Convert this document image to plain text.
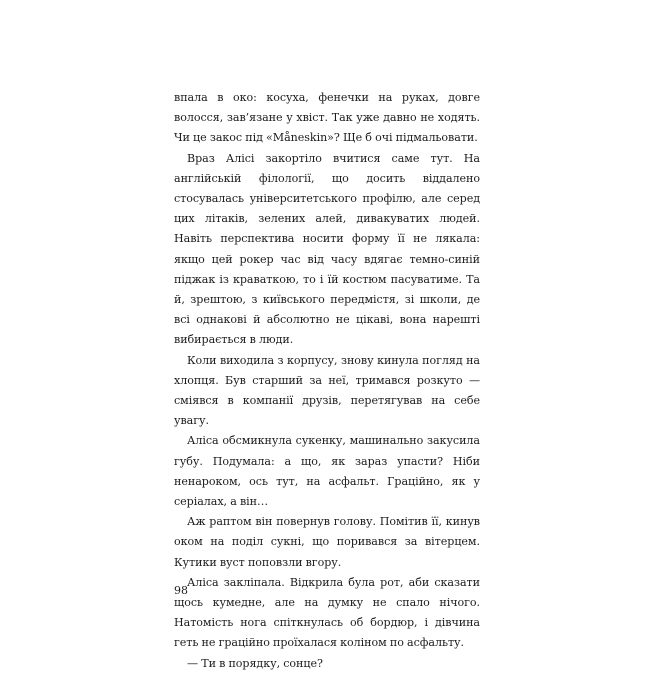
впала в око: косуха, фенечки на руках, довге волосся, зав’язане у хвіст. Так уже давно не ходять. Чи це закос під «Måneskin»? Ще б очі підмальовати.

Враз Алісі закортіло вчитися саме тут. На англійській філології, що досить віддалено стосувалась університетського профілю, але серед цих літаків, зелених алей, дивакуватих людей. Навіть перспектива носити форму її не лякала: якщо цей рокер час від часу вдягає темно-синій піджак із краваткою, то і їй костюм пасуватиме. Та й, зрештою, з київського передмістя, зі школи, де всі однакові й абсолютно не цікаві, вона нарешті вибирається в люди.

Коли виходила з корпусу, знову кинула погляд на хлопця. Був старший за неї, тримався розкуто — сміявся в компанії друзів, перетягував на себе увагу.

Аліса обсмикнула сукенку, машинально закусила губу. Подумала: а що, як зараз упасти? Ніби ненароком, ось тут, на асфальт. Граційно, як у серіалах, а він…

Аж раптом він повернув голову. Помітив її, кинув оком на поділ сукні, що поривався за вітерцем. Кутики вуст поповзли вгору.

Аліса закліпала. Відкрила була рот, аби сказати щось кумедне, але на думку не спало нічого. Натомість нога спіткнулась об бордюр, і дівчина геть не граційно проїхалася коліном по асфальту.

— Ти в порядку, сонце?

98
